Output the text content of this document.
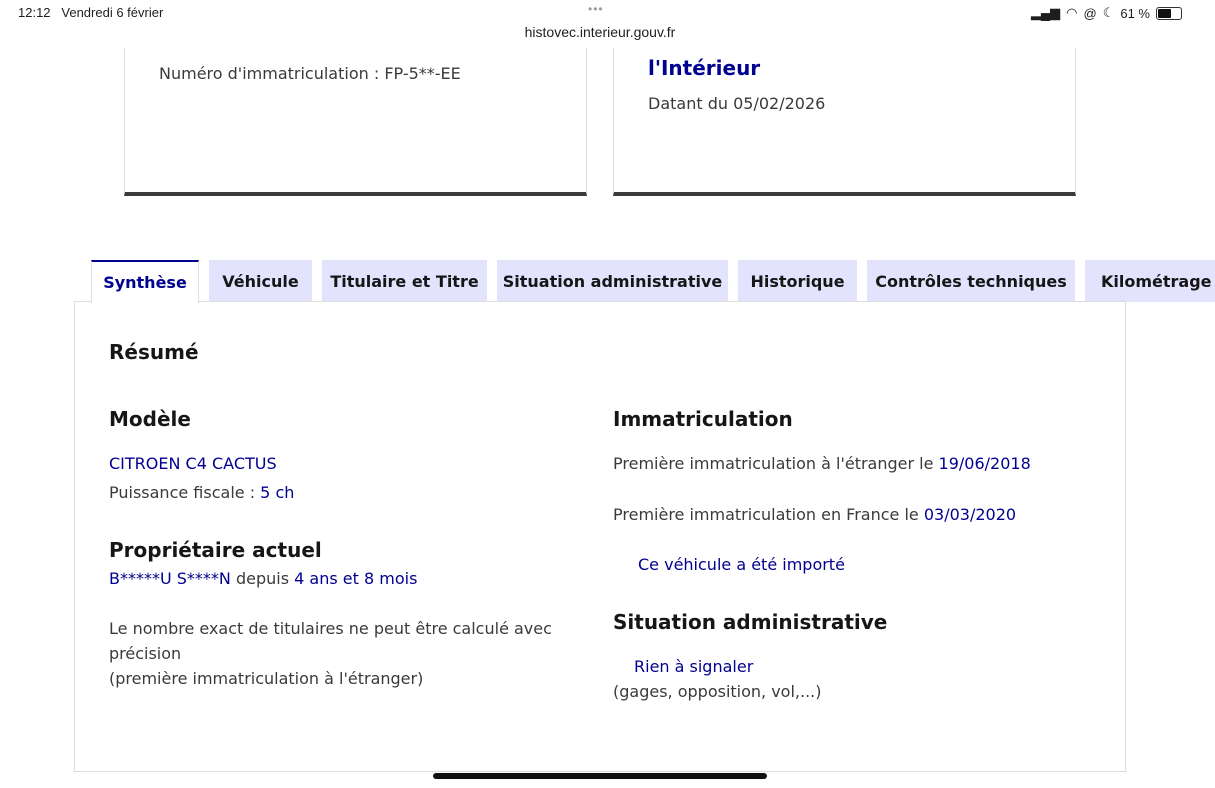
12:12 Vendredi 6 février	•••
histovec.interieur.gouv.fr
▂▄▆ ◠ @ ☾ 61 %
Numéro d'immatriculation : FP-5**-EE	l'Intérieur
Datant du 05/02/2026
Synthèse	Véhicule	Titulaire et Titre	Situation administrative	Historique	Contrôles techniques	Kilométrage
Résumé
Modèle
CITROEN C4 CACTUS
Puissance fiscale : 5 ch
Propriétaire actuel
B*****U S****N depuis 4 ans et 8 mois
Le nombre exact de titulaires ne peut être calculé avec précision
(première immatriculation à l'étranger)
Immatriculation
Première immatriculation à l'étranger le 19/06/2018
Première immatriculation en France le 03/03/2020
Ce véhicule a été importé
Situation administrative
Rien à signaler
(gages, opposition, vol,...)
